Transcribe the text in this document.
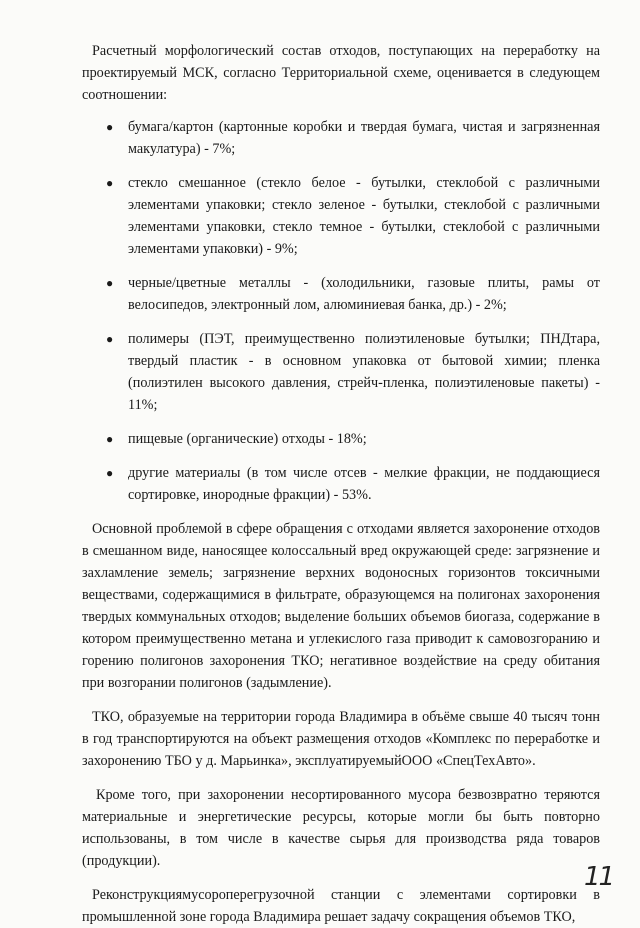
Расчетный морфологический состав отходов, поступающих на переработку на проектируемый МСК, согласно Территориальной схеме, оценивается в следующем соотношении:

● бумага/картон (картонные коробки и твердая бумага, чистая и загрязненная макулатура) - 7%;
● стекло смешанное (стекло белое - бутылки, стеклобой с различными элементами упаковки; стекло зеленое - бутылки, стеклобой с различными элементами упаковки, стекло темное - бутылки, стеклобой с различными элементами упаковки) - 9%;
● черные/цветные металлы - (холодильники, газовые плиты, рамы от велосипедов, электронный лом, алюминиевая банка, др.) - 2%;
● полимеры (ПЭТ, преимущественно полиэтиленовые бутылки; ПНДтара, твердый пластик - в основном упаковка от бытовой химии; пленка (полиэтилен высокого давления, стрейч-пленка, полиэтиленовые пакеты) - 11%;
● пищевые (органические) отходы - 18%;
● другие материалы (в том числе отсев - мелкие фракции, не поддающиеся сортировке, инородные фракции) - 53%.

Основной проблемой в сфере обращения с отходами является захоронение отходов в смешанном виде, наносящее колоссальный вред окружающей среде: загрязнение и захламление земель; загрязнение верхних водоносных горизонтов токсичными веществами, содержащимися в фильтрате, образующемся на полигонах захоронения твердых коммунальных отходов; выделение больших объемов биогаза, содержание в котором преимущественно метана и углекислого газа приводит к самовозгоранию и горению полигонов захоронения ТКО; негативное воздействие на среду обитания при возгорании полигонов (задымление).

ТКО, образуемые на территории города Владимира в объёме свыше 40 тысяч тонн в год транспортируются на объект размещения отходов «Комплекс по переработке и захоронению ТБО у д. Марьинка», эксплуатируемыйООО «СпецТехАвто».

Кроме того, при захоронении несортированного мусора безвозвратно теряются материальные и энергетические ресурсы, которые могли бы быть повторно использованы, в том числе в качестве сырья для производства ряда товаров (продукции).

Реконструкциямусороперегрузочной станции с элементами сортировки в промышленной зоне города Владимира решает задачу сокращения объемов ТКО,

11
